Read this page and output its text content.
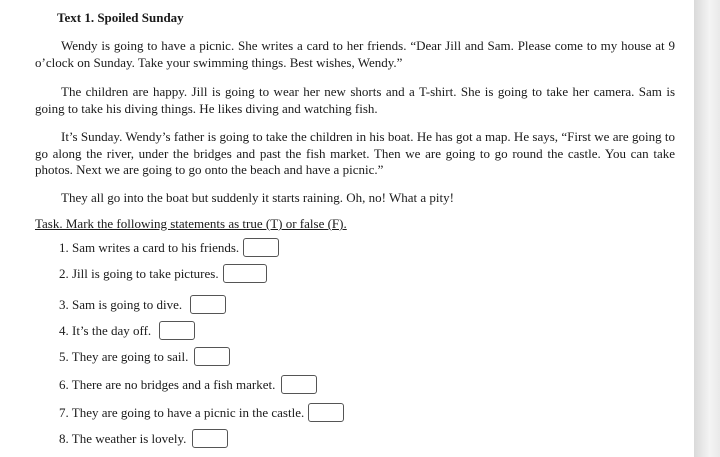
Text 1. Spoiled Sunday

Wendy is going to have a picnic. She writes a card to her friends. “Dear Jill and Sam. Please come to my house at 9 o’clock on Sunday. Take your swimming things. Best wishes, Wendy.”

The children are happy. Jill is going to wear her new shorts and a T-shirt. She is going to take her camera. Sam is going to take his diving things. He likes diving and watching fish.

It’s Sunday. Wendy’s father is going to take the children in his boat. He has got a map. He says, “First we are going to go along the river, under the bridges and past the fish market. Then we are going to go round the castle. You can take photos. Next we are going to go onto the beach and have a picnic.”

They all go into the boat but suddenly it starts raining. Oh, no! What a pity!

Task. Mark the following statements as true (T) or false (F).
1. Sam writes a card to his friends.
2. Jill is going to take pictures.
3. Sam is going to dive.
4. It’s the day off.
5. They are going to sail.
6. There are no bridges and a fish market.
7. They are going to have a picnic in the castle.
8. The weather is lovely.
